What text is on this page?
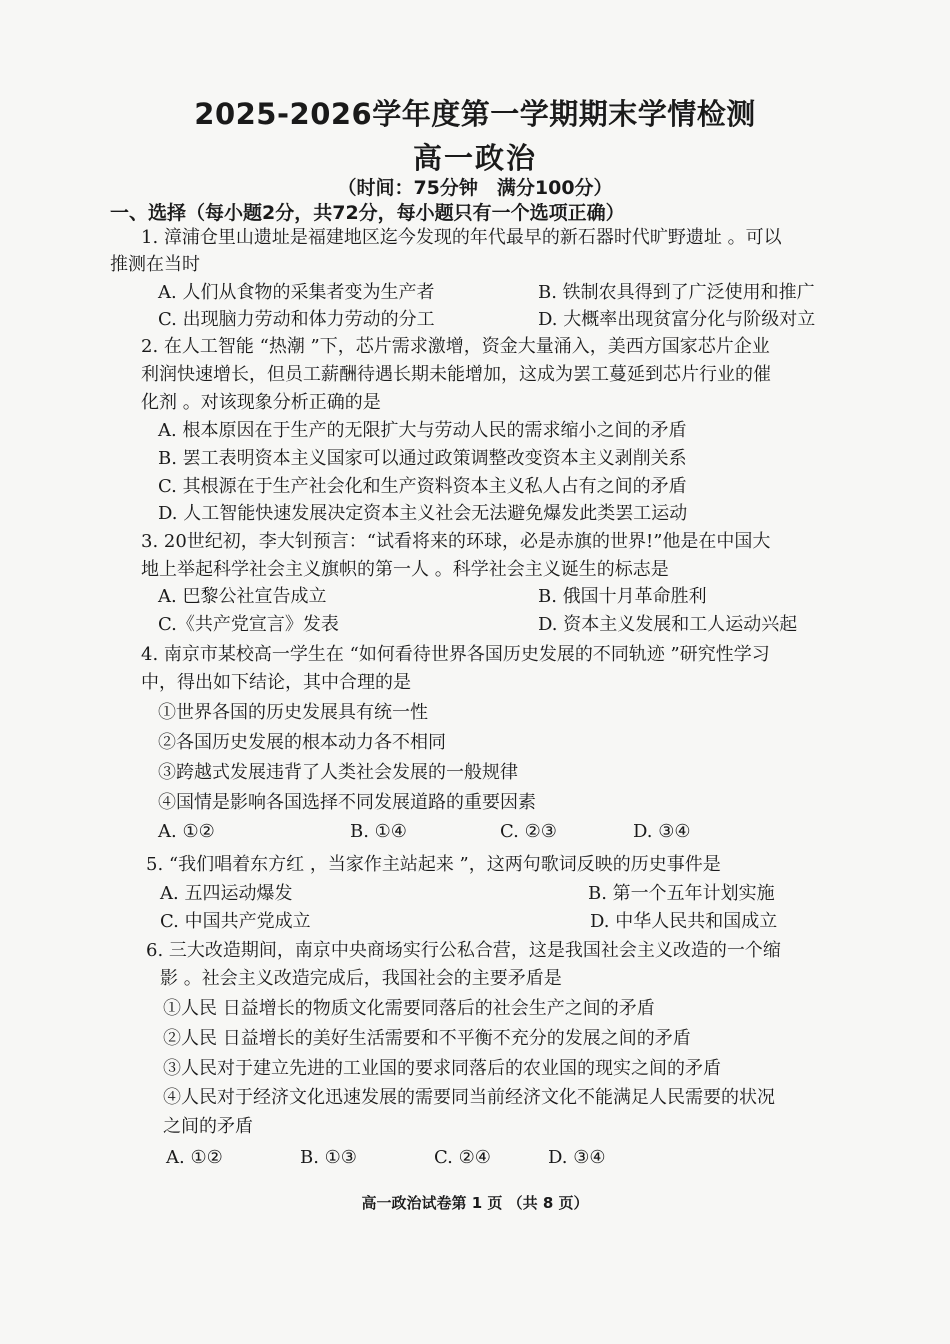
2025-2026学年度第一学期期末学情检测
高一政治
（时间：75分钟　满分100分）
一、选择（每小题2分，共72分，每小题只有一个选项正确）
1. 漳浦仓里山遗址是福建地区迄今发现的年代最早的新石器时代旷野遗址 。可以
推测在当时
A. 人们从食物的采集者变为生产者	B. 铁制农具得到了广泛使用和推广
C. 出现脑力劳动和体力劳动的分工	D. 大概率出现贫富分化与阶级对立
2. 在人工智能 “热潮 ”下，芯片需求激增，资金大量涌入，美西方国家芯片企业
利润快速增长，但员工薪酬待遇长期未能增加，这成为罢工蔓延到芯片行业的催
化剂 。对该现象分析正确的是
A. 根本原因在于生产的无限扩大与劳动人民的需求缩小之间的矛盾
B. 罢工表明资本主义国家可以通过政策调整改变资本主义剥削关系
C. 其根源在于生产社会化和生产资料资本主义私人占有之间的矛盾
D. 人工智能快速发展决定资本主义社会无法避免爆发此类罢工运动
3. 20世纪初，李大钊预言：“试看将来的环球，必是赤旗的世界!”他是在中国大
地上举起科学社会主义旗帜的第一人 。科学社会主义诞生的标志是
A. 巴黎公社宣告成立	B. 俄国十月革命胜利
C.《共产党宣言》发表	D. 资本主义发展和工人运动兴起
4. 南京市某校高一学生在 “如何看待世界各国历史发展的不同轨迹 ”研究性学习
中，得出如下结论，其中合理的是
①世界各国的历史发展具有统一性
②各国历史发展的根本动力各不相同
③跨越式发展违背了人类社会发展的一般规律
④国情是影响各国选择不同发展道路的重要因素
A. ①②	B. ①④	C. ②③	D. ③④
5. “我们唱着东方红 ，当家作主站起来 ”，这两句歌词反映的历史事件是
A. 五四运动爆发	B. 第一个五年计划实施
C. 中国共产党成立	D. 中华人民共和国成立
6. 三大改造期间，南京中央商场实行公私合营，这是我国社会主义改造的一个缩
影 。社会主义改造完成后，我国社会的主要矛盾是
①人民 日益增长的物质文化需要同落后的社会生产之间的矛盾
②人民 日益增长的美好生活需要和不平衡不充分的发展之间的矛盾
③人民对于建立先进的工业国的要求同落后的农业国的现实之间的矛盾
④人民对于经济文化迅速发展的需要同当前经济文化不能满足人民需要的状况
之间的矛盾
A. ①②	B. ①③	C. ②④	D. ③④
高一政治试卷第 1 页 （共 8 页）
